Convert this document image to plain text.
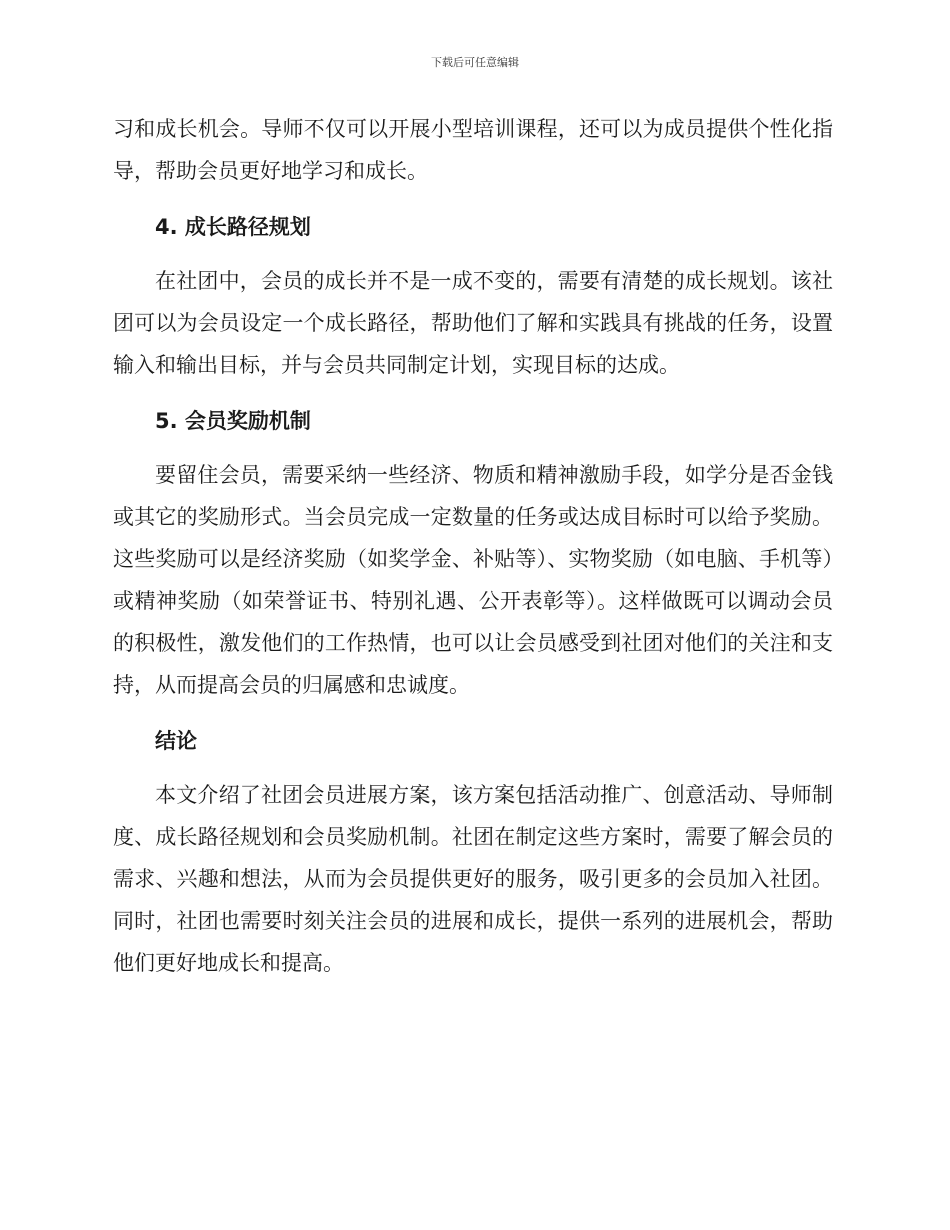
下载后可任意编辑

习和成长机会。导师不仅可以开展小型培训课程，还可以为成员提供个性化指导，帮助会员更好地学习和成长。

4. 成长路径规划

在社团中，会员的成长并不是一成不变的，需要有清楚的成长规划。该社团可以为会员设定一个成长路径，帮助他们了解和实践具有挑战的任务，设置输入和输出目标，并与会员共同制定计划，实现目标的达成。

5. 会员奖励机制

要留住会员，需要采纳一些经济、物质和精神激励手段，如学分是否金钱或其它的奖励形式。当会员完成一定数量的任务或达成目标时可以给予奖励。这些奖励可以是经济奖励（如奖学金、补贴等）、实物奖励（如电脑、手机等）或精神奖励（如荣誉证书、特别礼遇、公开表彰等）。这样做既可以调动会员的积极性，激发他们的工作热情，也可以让会员感受到社团对他们的关注和支持，从而提高会员的归属感和忠诚度。

结论

本文介绍了社团会员进展方案，该方案包括活动推广、创意活动、导师制度、成长路径规划和会员奖励机制。社团在制定这些方案时，需要了解会员的需求、兴趣和想法，从而为会员提供更好的服务，吸引更多的会员加入社团。同时，社团也需要时刻关注会员的进展和成长，提供一系列的进展机会，帮助他们更好地成长和提高。
